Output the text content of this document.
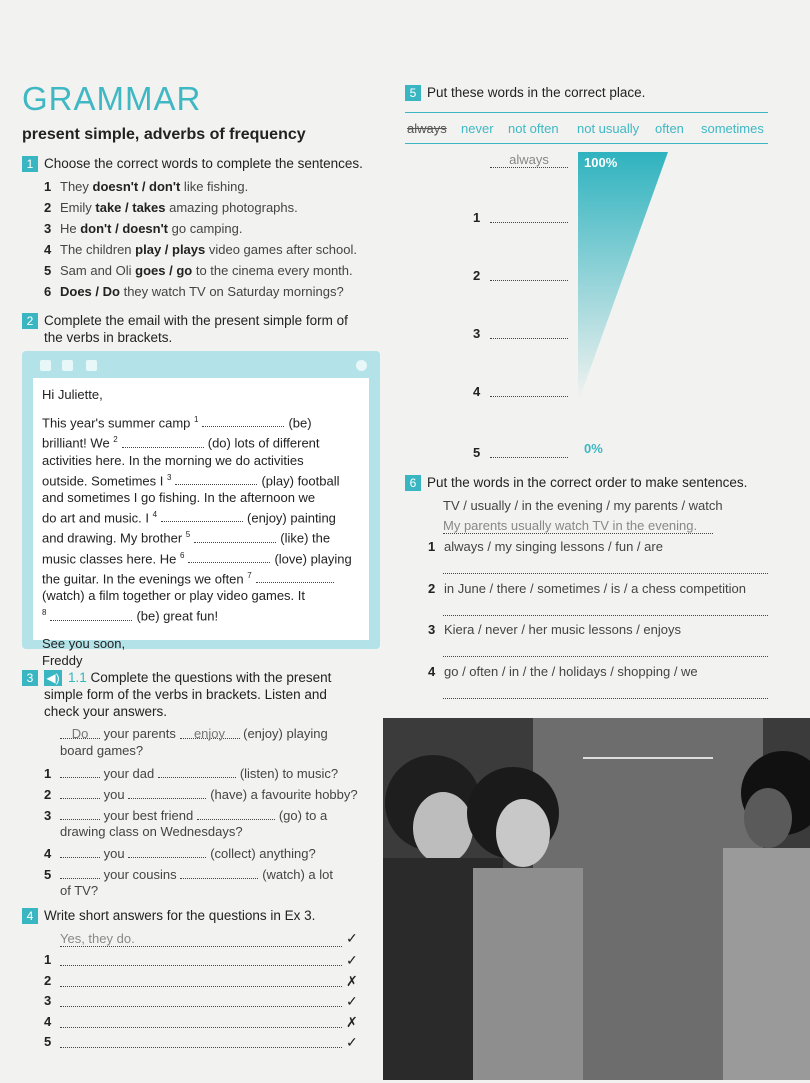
GRAMMAR
present simple, adverbs of frequency
1 Choose the correct words to complete the sentences.
1 They doesn't / don't like fishing.
2 Emily take / takes amazing photographs.
3 He don't / doesn't go camping.
4 The children play / plays video games after school.
5 Sam and Oli goes / go to the cinema every month.
6 Does / Do they watch TV on Saturday mornings?
2 Complete the email with the present simple form of
the verbs in brackets.
Hi Juliette,
This year's summer camp $^1$	(be)
brilliant! We $^2$	(do) lots of different
activities here. In the morning we do activities
outside. Sometimes I $^3$	(play) football
and sometimes I go fishing. In the afternoon we
do art and music. I $^4$	(enjoy) painting
and drawing. My brother $^5$	(like) the
music classes here. He $^6$	(love) playing
the guitar. In the evenings we often $^7$
(watch) a film together or play video games. It
$^8$	(be) great fun!
See you soon,
Freddy
3 ◀) 1.1 Complete the questions with the present
simple form of the verbs in brackets. Listen and
check your answers.
Do your parents enjoy (enjoy) playing
board games?
1	your dad	(listen) to music?
2	you	(have) a favourite hobby?
3	your best friend	(go) to a
drawing class on Wednesdays?
4	you	(collect) anything?
5	your cousins	(watch) a lot
of TV?
4 Write short answers for the questions in Ex 3.
Yes, they do.	✓
1	✓
2	✗
3	✓
4	✗
5	✓
5 Put these words in the correct place.
always never not often not usually often sometimes
100%
0%
always
1
2
3
4
5
6 Put the words in the correct order to make sentences.
TV / usually / in the evening / my parents / watch
My parents usually watch TV in the evening.
1 always / my singing lessons / fun / are
2 in June / there / sometimes / is / a chess competition
3 Kiera / never / her music lessons / enjoys
4 go / often / in / the / holidays / shopping / we
